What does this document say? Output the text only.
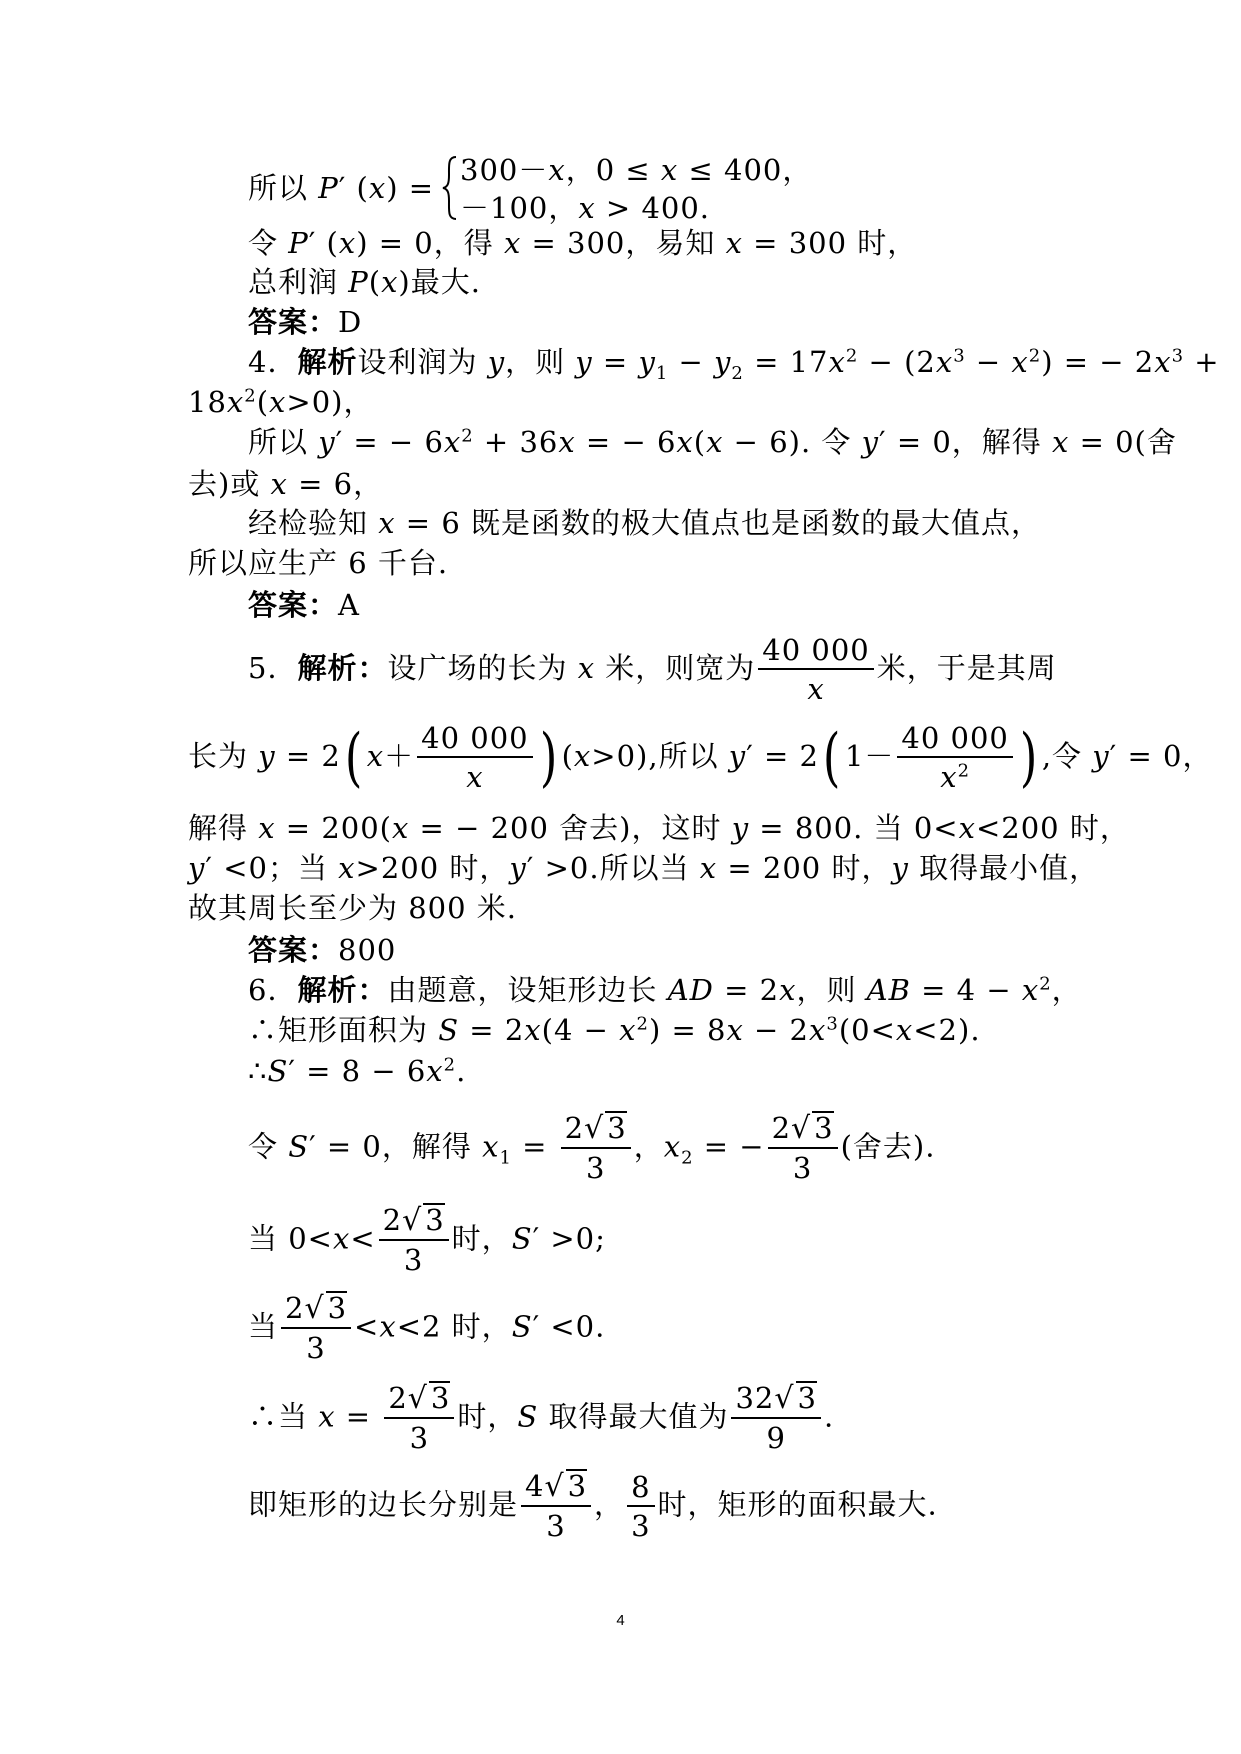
所以 P′ (x) =
300－x，0 ≤ x ≤ 400，
－100，x > 400.
令 P′ (x) = 0，得 x = 300，易知 x = 300 时，
总利润 P(x)最大.
答案：D
4．解析设利润为 y，则 $y = y_1 - y_2 = 17x^2 - (2x^3 - x^2)$ = − $2x^3$ +
$18x^2(x>0)$，
所以 y′ = − $6x^2 + 36x$ = − 6x(x − 6). 令 y′ = 0，解得 x = 0(舍
去)或 x = 6，
经检验知 x = 6 既是函数的极大值点也是函数的最大值点，
所以应生产 6 千台.
答案：A
5．解析：设广场的长为 x 米，则宽为 $\frac{40 000}{x}$ 米，于是其周
长为 y = 2( $x+ \frac{40 000}{x}$ ) (x>0),所以 y′ = 2( $1- \frac{40 000}{x^2}$ ) ,令 y′ = 0，
解得 x = 200(x = − 200 舍去)，这时 y = 800. 当 0<x<200 时，
y′ <0；当 x>200 时，y′ >0.所以当 x = 200 时，y 取得最小值，
故其周长至少为 800 米.
答案：800
6．解析：由题意，设矩形边长 AD = 2x，则 AB = $4 - x^2$，
∴矩形面积为 $S = 2x(4 - x^2) = 8x - 2x^3(0<x<2)$.
∴S′ = $8 - 6x^2$.
令 S′ = 0，解得 $x_1 = \frac{2√ 3}{3}$ ，$x_2$ = − $\frac{2√ 3}{3}$ (舍去).
当 $0<x< \frac{2√ 3}{3}$ 时，S′ >0;
当 $\frac{2√ 3}{3} <x<2$ 时，S′ <0.
∴当 $x = \frac{2√ 3}{3}$ 时，S 取得最大值为 $\frac{32√ 3}{9}$ .
即矩形的边长分别是 $\frac{4√ 3}{3}$ ， $\frac{8}{3}$ 时，矩形的面积最大.
4
